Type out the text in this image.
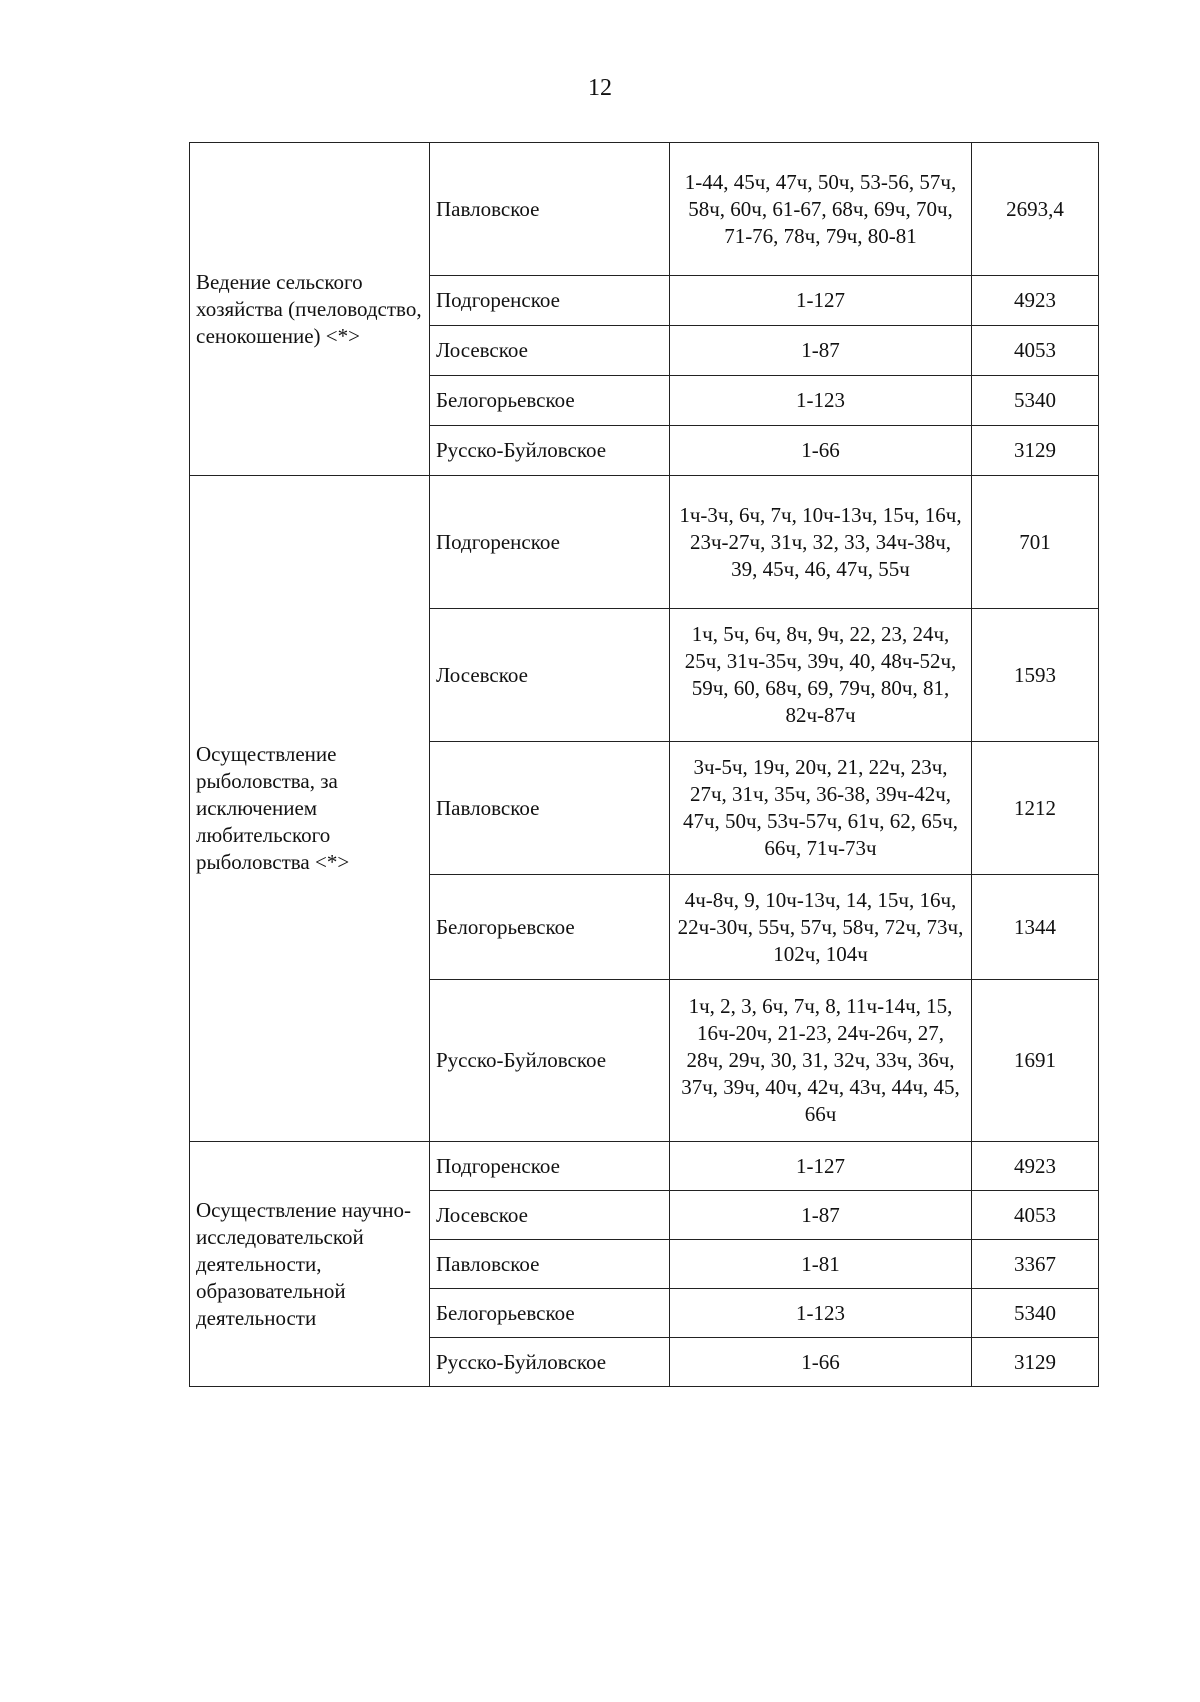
12
Ведение сельского хозяйства (пчеловодство, сенокошение) <*>	Павловское	1-44, 45ч, 47ч, 50ч, 53-56, 57ч, 58ч, 60ч, 61-67, 68ч, 69ч, 70ч, 71-76, 78ч, 79ч, 80-81	2693,4
	Подгоренское	1-127	4923
	Лосевское	1-87	4053
	Белогорьевское	1-123	5340
	Русско-Буйловское	1-66	3129
Осуществление рыболовства, за исключением любительского рыболовства <*>	Подгоренское	1ч-3ч, 6ч, 7ч, 10ч-13ч, 15ч, 16ч, 23ч-27ч, 31ч, 32, 33, 34ч-38ч, 39, 45ч, 46, 47ч, 55ч	701
	Лосевское	1ч, 5ч, 6ч, 8ч, 9ч, 22, 23, 24ч, 25ч, 31ч-35ч, 39ч, 40, 48ч-52ч, 59ч, 60, 68ч, 69, 79ч, 80ч, 81, 82ч-87ч	1593
	Павловское	3ч-5ч, 19ч, 20ч, 21, 22ч, 23ч, 27ч, 31ч, 35ч, 36-38, 39ч-42ч, 47ч, 50ч, 53ч-57ч, 61ч, 62, 65ч, 66ч, 71ч-73ч	1212
	Белогорьевское	4ч-8ч, 9, 10ч-13ч, 14, 15ч, 16ч, 22ч-30ч, 55ч, 57ч, 58ч, 72ч, 73ч, 102ч, 104ч	1344
	Русско-Буйловское	1ч, 2, 3, 6ч, 7ч, 8, 11ч-14ч, 15, 16ч-20ч, 21-23, 24ч-26ч, 27, 28ч, 29ч, 30, 31, 32ч, 33ч, 36ч, 37ч, 39ч, 40ч, 42ч, 43ч, 44ч, 45, 66ч	1691
Осуществление научно-исследовательской деятельности, образовательной деятельности	Подгоренское	1-127	4923
	Лосевское	1-87	4053
	Павловское	1-81	3367
	Белогорьевское	1-123	5340
	Русско-Буйловское	1-66	3129
